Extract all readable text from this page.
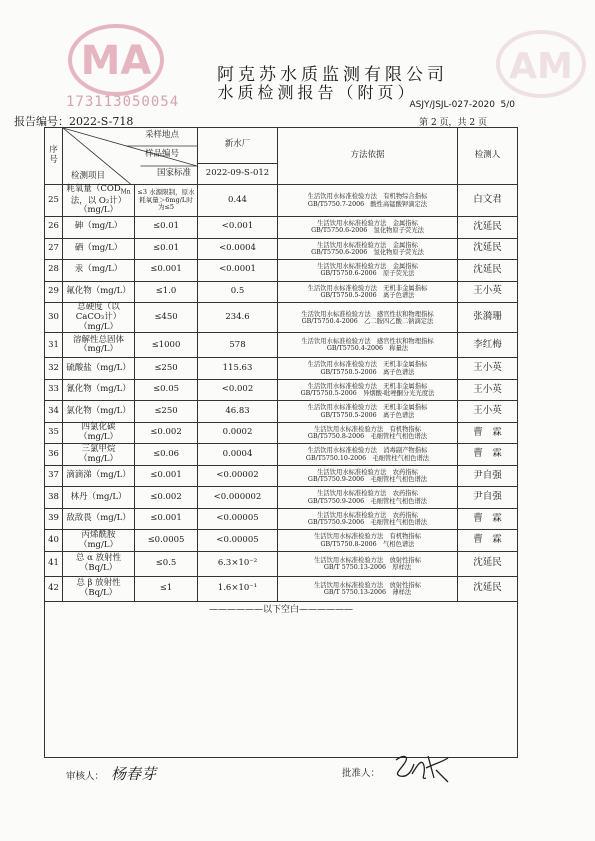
MA	AM
173113050054
阿克苏水质监测有限公司
水质检测报告（附页）
ASJY/JSJL-027-2020 5/0
报告编号：2022-S-718	第 2 页，共 2 页
序号	采样地点
样品编号
国家标准
检测项目		新水厂	方法依据	检测人

			2022-09-S-012		
25	耗氧量（$COD_{Mn}$法，以 O₂计）（mg/L）	≤3 水源限制，原水耗氧量＞6mg/L时为≤5	0.44	生活饮用水标准检验方法　有机物综合指标
GB/T5750.7-2006　酸性高锰酸钾滴定法	白文君
26	砷（mg/L）	≤0.01	<0.001	生活饮用水标准检验方法　金属指标
GB/T5750.6-2006　氢化物原子荧光法	沈延民
27	硒（mg/L）	≤0.01	<0.0004	生活饮用水标准检验方法　金属指标
GB/T5750.6-2006　氢化物原子荧光法	沈延民
28	汞（mg/L）	≤0.001	<0.0001	生活饮用水标准检验方法　金属指标
GB/T5750.6-2006　原子荧光法	沈延民
29	氟化物（mg/L）	≤1.0	0.5	生活饮用水标准检验方法　无机非金属指标
GB/T5750.5-2006　离子色谱法	王小英
30	总硬度（以 CaCO₃计）（mg/L）	≤450	234.6	生活饮用水标准检验方法　感官性状和物理指标
GB/T5750.4-2006　乙二胺四乙酸二钠滴定法	张漪珊
31	溶解性总固体（mg/L）	≤1000	578	生活饮用水标准检验方法　感官性状和物理指标
GB/T5750.4-2006　称量法	李红梅
32	硫酸盐（mg/L）	≤250	115.63	生活饮用水标准检验方法　无机非金属指标
GB/T5750.5-2006　离子色谱法	王小英
33	氰化物（mg/L）	≤0.05	<0.002	生活饮用水标准检验方法　无机非金属指标
GB/T5750.5-2006　异烟酸-吡唑酮分光光度法	王小英
34	氯化物（mg/L）	≤250	46.83	生活饮用水标准检验方法　无机非金属指标
GB/T5750.5-2006　离子色谱法	王小英
35	四氯化碳（mg/L）	≤0.002	0.0002	生活饮用水标准检验方法　有机物指标
GB/T5750.8-2006　毛细管柱气相色谱法	曹　霖
36	三氯甲烷（mg/L）	≤0.06	0.0004	生活饮用水标准检验方法　消毒副产物指标
GB/T5750.10-2006　毛细管柱气相色谱法	曹　霖
37	滴滴涕（mg/L）	≤0.001	<0.00002	生活饮用水标准检验方法　农药指标
GB/T5750.9-2006　毛细管柱气相色谱法	尹自强
38	林丹（mg/L）	≤0.002	<0.000002	生活饮用水标准检验方法　农药指标
GB/T5750.9-2006　毛细管柱气相色谱法	尹自强
39	敌敌畏（mg/L）	≤0.001	<0.00005	生活饮用水标准检验方法　农药指标
GB/T5750.9-2006　毛细管柱气相色谱法	曹　霖
40	丙烯酰胺（mg/L）	≤0.0005	<0.00005	生活饮用水标准检验方法　有机物指标
GB/T5750.8-2006　气相色谱法	曹　霖
41	总 α 放射性（Bq/L）	≤0.5	6.3×10⁻²	生活饮用水标准检验方法　放射性指标
GB/T 5750.13-2006　厚样法	沈延民
42	总 β 放射性（Bq/L）	≤1	1.6×10⁻¹	生活饮用水标准检验方法　放射性指标
GB/T 5750.13-2006　薄样法	沈延民
——————以下空白——————					
审核人： 杨春芽	批准人：
